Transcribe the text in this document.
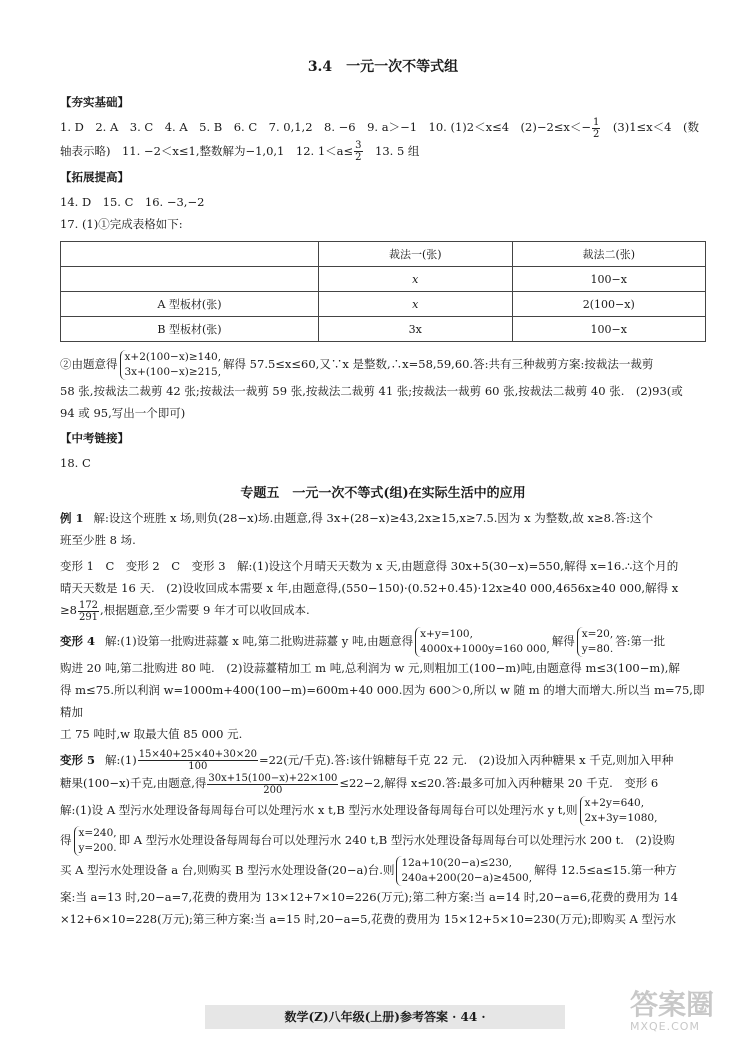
3.4　一元一次不等式组
【夯实基础】

1. D　2. A　3. C　4. A　5. B　6. C　7. 0,1,2　8. −6　9. a＞−1　10. (1)2＜x≤4　$(2)-2\le x<- \frac{1}{2}$ 　(3)1≤x＜4　(数

轴表示略)　11. −2＜x≤1,整数解为−1,0,1　12. $1<a\le \frac{3}{2}$ 　13. 5 组

【拓展提高】

14. D　15. C　16. −3,−2

17. (1)①完成表格如下:

	裁法一(张)	裁法二(张)
	x	100−x
A 型板材(张)	x	2(100−x)
B 型板材(张)	3x	100−x

②由题意得 x+2(100−x)≥140,
3x+(100−x)≥215,解得 57.5≤x≤60,又∵x 是整数,∴x=58,59,60.答:共有三种裁剪方案:按裁法一裁剪

58 张,按裁法二裁剪 42 张;按裁法一裁剪 59 张,按裁法二裁剪 41 张;按裁法一裁剪 60 张,按裁法二裁剪 40 张.　(2)93(或

94 或 95,写出一个即可)

【中考链接】

18. C

专题五　一元一次不等式(组)在实际生活中的应用

例 1 解:设这个班胜 x 场,则负(28−x)场.由题意,得 3x+(28−x)≥43,2x≥15,x≥7.5.因为 x 为整数,故 x≥8.答:这个

班至少胜 8 场.

变形 1　C　变形 2　C　变形 3　解:(1)设这个月晴天天数为 x 天,由题意得 30x+5(30−x)=550,解得 x=16.∴这个月的

晴天天数是 16 天.　(2)设收回成本需要 x 年,由题意得,(550−150)·(0.52+0.45)·12x≥40 000,4656x≥40 000,解得 x

$\ge 8 \frac{172}{291}$ ,根据题意,至少需要 9 年才可以收回成本.

变形 4 解:(1)设第一批购进蒜薹 x 吨,第二批购进蒜薹 y 吨,由题意得 x+y=100,
4000x+1000y=160 000,解得 x=20,
y=80.答:第一批

购进 20 吨,第二批购进 80 吨.　(2)设蒜薹精加工 m 吨,总利润为 w 元,则粗加工(100−m)吨,由题意得 m≤3(100−m),解

得 m≤75.所以利润 w=1000m+400(100−m)=600m+40 000.因为 600＞0,所以 w 随 m 的增大而增大.所以当 m=75,即精加

工 75 吨时,w 取最大值 85 000 元.

变形 5 解:(1) $\frac{15\times 40+25\times 40+30\times 20}{100} =22$(元/千克).答:该什锦糖每千克 22 元.　(2)设加入丙种糖果 x 千克,则加入甲种

糖果(100−x)千克,由题意,得 $\frac{30x+15(100-x)+22\times 100}{200} \le 22-2$,解得 x≤20.答:最多可加入丙种糖果 20 千克.　变形 6

解:(1)设 A 型污水处理设备每周每台可以处理污水 x t,B 型污水处理设备每周每台可以处理污水 y t,则 x+2y=640,
2x+3y=1080,

得 x=240,
y=200.即 A 型污水处理设备每周每台可以处理污水 240 t,B 型污水处理设备每周每台可以处理污水 200 t.　(2)设购

买 A 型污水处理设备 a 台,则购买 B 型污水处理设备(20−a)台.则 12a+10(20−a)≤230,
240a+200(20−a)≥4500,解得 12.5≤a≤15.第一种方

案:当 a=13 时,20−a=7,花费的费用为 13×12+7×10=226(万元);第二种方案:当 a=14 时,20−a=6,花费的费用为 14

×12+6×10=228(万元);第三种方案:当 a=15 时,20−a=5,花费的费用为 15×12+5×10=230(万元);即购买 A 型污水

数学(Z)八年级(上册)参考答案 · 44 ·	答案圈
MXQE.COM
